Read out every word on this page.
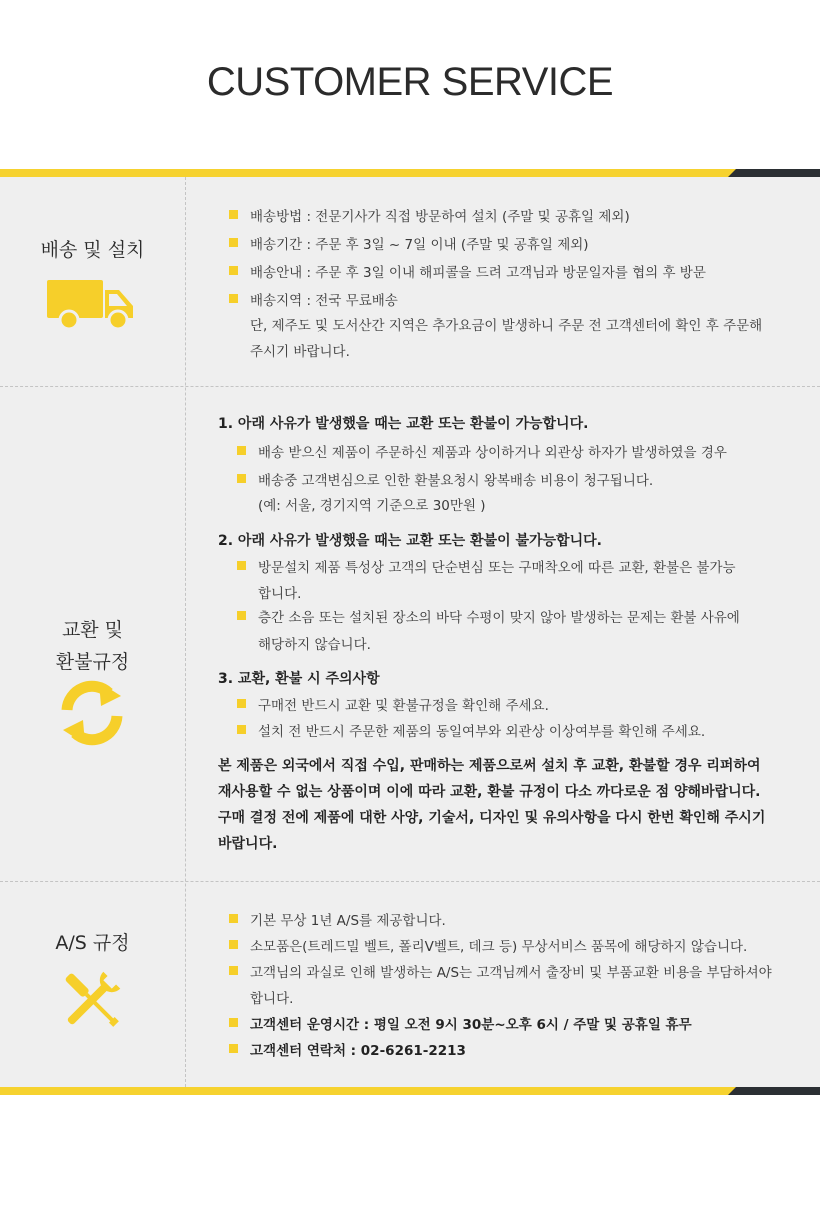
CUSTOMER SERVICE
배송 및 설치
배송방법 : 전문기사가 직접 방문하여 설치 (주말 및 공휴일 제외)
배송기간 : 주문 후 3일 ~ 7일 이내 (주말 및 공휴일 제외)
배송안내 : 주문 후 3일 이내 해피콜을 드려 고객님과 방문일자를 협의 후 방문
배송지역 : 전국 무료배송
단, 제주도 및 도서산간 지역은 추가요금이 발생하니 주문 전 고객센터에 확인 후 주문해
주시기 바랍니다.
교환 및
환불규정
1. 아래 사유가 발생했을 때는 교환 또는 환불이 가능합니다.
배송 받으신 제품이 주문하신 제품과 상이하거나 외관상 하자가 발생하였을 경우
배송중 고객변심으로 인한 환불요청시 왕복배송 비용이 청구됩니다.
(예: 서울, 경기지역 기준으로 30만원 )
2. 아래 사유가 발생했을 때는 교환 또는 환불이 불가능합니다.
방문설치 제품 특성상 고객의 단순변심 또는 구매착오에 따른 교환, 환불은 불가능
합니다.
층간 소음 또는 설치된 장소의 바닥 수평이 맞지 않아 발생하는 문제는 환불 사유에
해당하지 않습니다.
3. 교환, 환불 시 주의사항
구매전 반드시 교환 및 환불규정을 확인해 주세요.
설치 전 반드시 주문한 제품의 동일여부와 외관상 이상여부를 확인해 주세요.
본 제품은 외국에서 직접 수입, 판매하는 제품으로써 설치 후 교환, 환불할 경우 리퍼하여
재사용할 수 없는 상품이며 이에 따라 교환, 환불 규정이 다소 까다로운 점 양해바랍니다.
구매 결정 전에 제품에 대한 사양, 기술서, 디자인 및 유의사항을 다시 한번 확인해 주시기
바랍니다.
A/S 규정
기본 무상 1년 A/S를 제공합니다.
소모품은(트레드밀 벨트, 폴리V벨트, 데크 등) 무상서비스 품목에 해당하지 않습니다.
고객님의 과실로 인해 발생하는 A/S는 고객님께서 출장비 및 부품교환 비용을 부담하셔야
합니다.
고객센터 운영시간 : 평일 오전 9시 30분~오후 6시 / 주말 및 공휴일 휴무
고객센터 연락처 : 02-6261-2213
